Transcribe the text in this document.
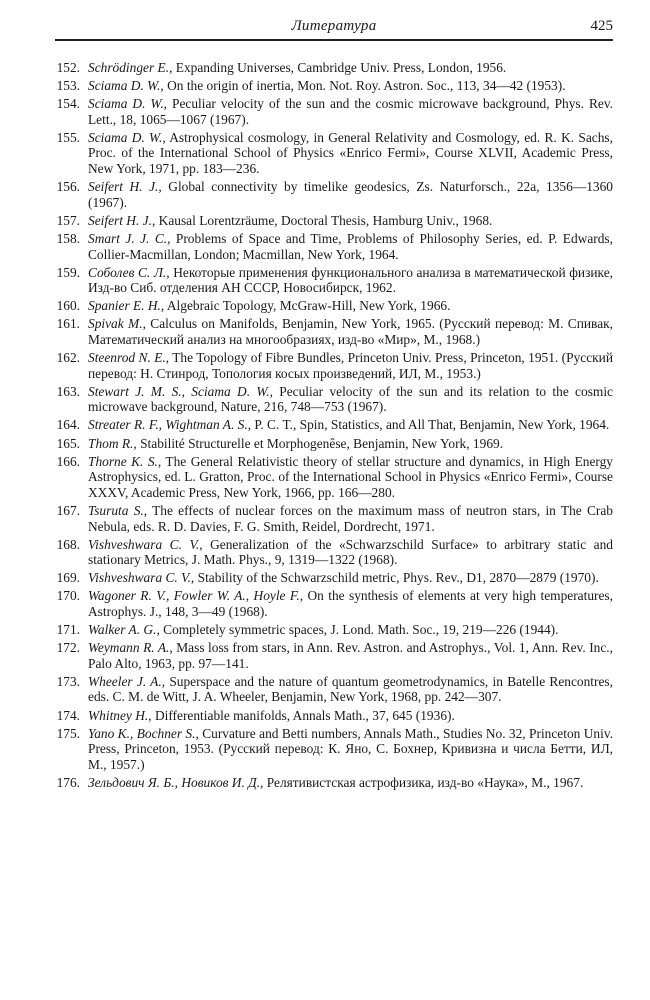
Литература	425
152. Schrödinger E., Expanding Universes, Cambridge Univ. Press, London, 1956.
153. Sciama D. W., On the origin of inertia, Mon. Not. Roy. Astron. Soc., 113, 34—42 (1953).
154. Sciama D. W., Peculiar velocity of the sun and the cosmic microwave background, Phys. Rev. Lett., 18, 1065—1067 (1967).
155. Sciama D. W., Astrophysical cosmology, in General Relativity and Cosmology, ed. R. K. Sachs, Proc. of the International School of Physics «Enrico Fermi», Course XLVII, Academic Press, New York, 1971, pp. 183—236.
156. Seifert H. J., Global connectivity by timelike geodesics, Zs. Naturforsch., 22a, 1356—1360 (1967).
157. Seifert H. J., Kausal Lorentzräume, Doctoral Thesis, Hamburg Univ., 1968.
158. Smart J. J. C., Problems of Space and Time, Problems of Philosophy Series, ed. P. Edwards, Collier-Macmillan, London; Macmillan, New York, 1964.
159. Соболев С. Л., Некоторые применения функционального анализа в математической физике, Изд-во Сиб. отделения АН СССР, Новосибирск, 1962.
160. Spanier E. H., Algebraic Topology, McGraw-Hill, New York, 1966.
161. Spivak M., Calculus on Manifolds, Benjamin, New York, 1965. (Русский перевод: М. Спивак, Математический анализ на многообразиях, изд-во «Мир», М., 1968.)
162. Steenrod N. E., The Topology of Fibre Bundles, Princeton Univ. Press, Princeton, 1951. (Русский перевод: Н. Стинрод, Топология косых произведений, ИЛ, М., 1953.)
163. Stewart J. M. S., Sciama D. W., Peculiar velocity of the sun and its relation to the cosmic microwave background, Nature, 216, 748—753 (1967).
164. Streater R. F., Wightman A. S., P. C. T., Spin, Statistics, and All That, Benjamin, New York, 1964.
165. Thom R., Stabilité Structurelle et Morphogenêse, Benjamin, New York, 1969.
166. Thorne K. S., The General Relativistic theory of stellar structure and dynamics, in High Energy Astrophysics, ed. L. Gratton, Proc. of the International School in Physics «Enrico Fermi», Course XXXV, Academic Press, New York, 1966, pp. 166—280.
167. Tsuruta S., The effects of nuclear forces on the maximum mass of neutron stars, in The Crab Nebula, eds. R. D. Davies, F. G. Smith, Reidel, Dordrecht, 1971.
168. Vishveshwara C. V., Generalization of the «Schwarzschild Surface» to arbitrary static and stationary Metrics, J. Math. Phys., 9, 1319—1322 (1968).
169. Vishveshwara C. V., Stability of the Schwarzschild metric, Phys. Rev., D1, 2870—2879 (1970).
170. Wagoner R. V., Fowler W. A., Hoyle F., On the synthesis of elements at very high temperatures, Astrophys. J., 148, 3—49 (1968).
171. Walker A. G., Completely symmetric spaces, J. Lond. Math. Soc., 19, 219—226 (1944).
172. Weymann R. A., Mass loss from stars, in Ann. Rev. Astron. and Astrophys., Vol. 1, Ann. Rev. Inc., Palo Alto, 1963, pp. 97—141.
173. Wheeler J. A., Superspace and the nature of quantum geometrodynamics, in Batelle Rencontres, eds. C. M. de Witt, J. A. Wheeler, Benjamin, New York, 1968, pp. 242—307.
174. Whitney H., Differentiable manifolds, Annals Math., 37, 645 (1936).
175. Yano K., Bochner S., Curvature and Betti numbers, Annals Math., Studies No. 32, Princeton Univ. Press, Princeton, 1953. (Русский перевод: К. Яно, С. Бохнер, Кривизна и числа Бетти, ИЛ, М., 1957.)
176. Зельдович Я. Б., Новиков И. Д., Релятивистская астрофизика, изд-во «Наука», М., 1967.
